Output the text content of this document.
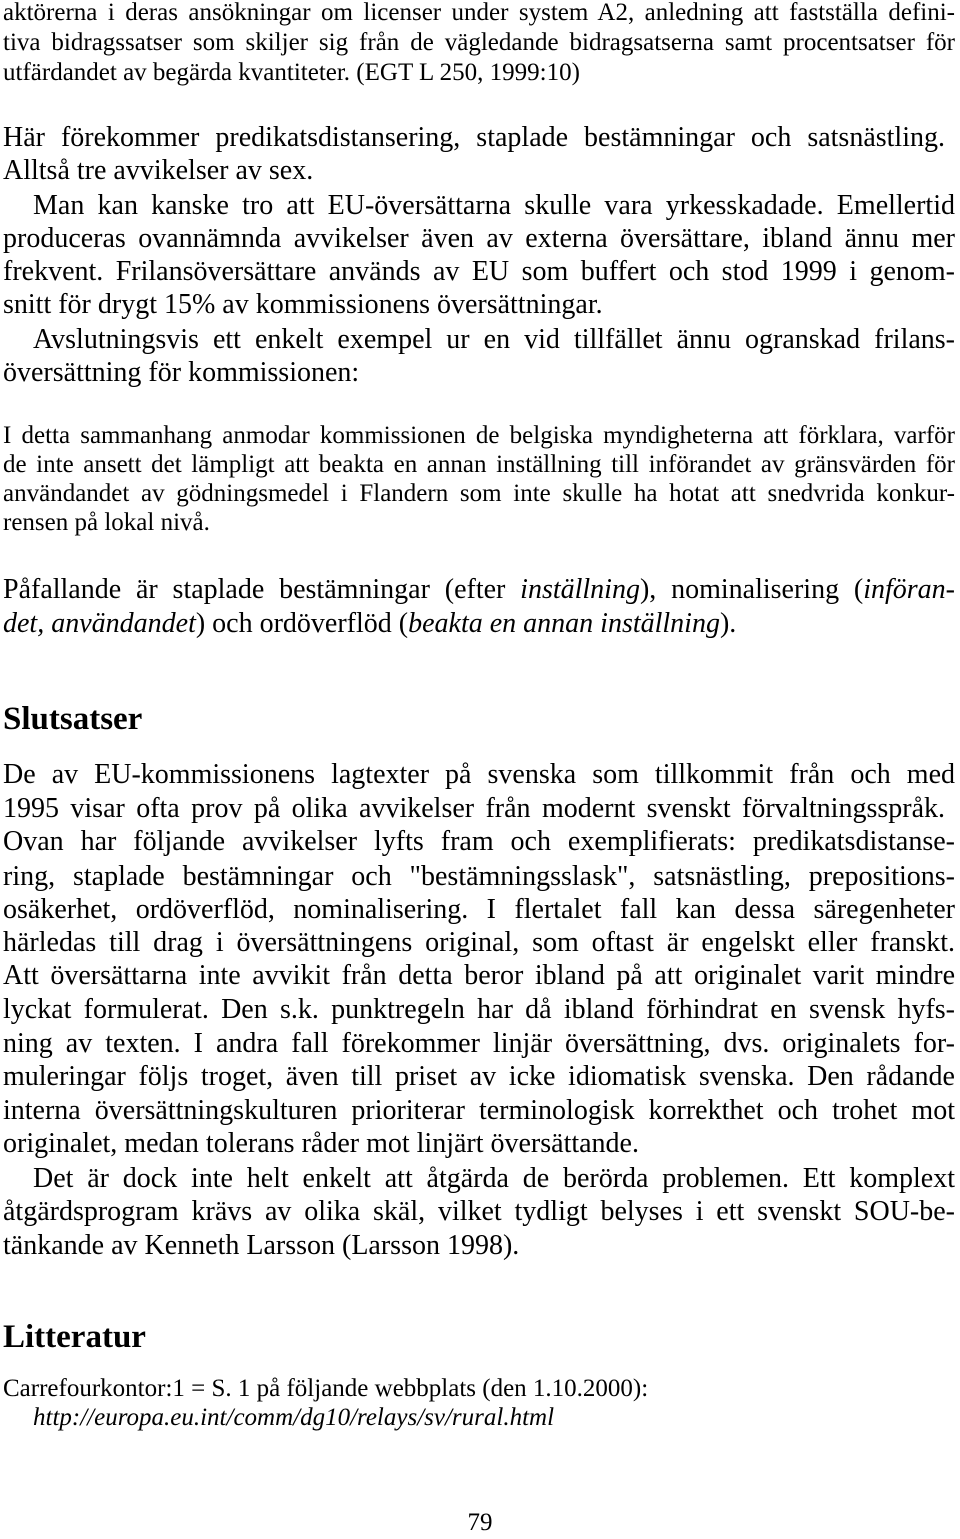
aktörerna i deras ansökningar om licenser under system A2, anledning att fastställa defini-
tiva bidragssatser som skiljer sig från de vägledande bidragsatserna samt procentsatser för
utfärdandet av begärda kvantiteter. (EGT L 250, 1999:10)
Här förekommer predikatsdistansering, staplade bestämningar och satsnästling.
Alltså tre avvikelser av sex.
Man kan kanske tro att EU-översättarna skulle vara yrkesskadade. Emellertid
produceras ovannämnda avvikelser även av externa översättare, ibland ännu mer
frekvent. Frilansöversättare används av EU som buffert och stod 1999 i genom-
snitt för drygt 15% av kommissionens översättningar.
Avslutningsvis ett enkelt exempel ur en vid tillfället ännu ogranskad frilans-
översättning för kommissionen:
I detta sammanhang anmodar kommissionen de belgiska myndigheterna att förklara, varför
de inte ansett det lämpligt att beakta en annan inställning till införandet av gränsvärden för
användandet av gödningsmedel i Flandern som inte skulle ha hotat att snedvrida konkur-
rensen på lokal nivå.
Påfallande är staplade bestämningar (efter inställning), nominalisering (införan-
det, användandet) och ordöverflöd (beakta en annan inställning).
Slutsatser
De av EU-kommissionens lagtexter på svenska som tillkommit från och med
1995 visar ofta prov på olika avvikelser från modernt svenskt förvaltningsspråk.
Ovan har följande avvikelser lyfts fram och exemplifierats: predikatsdistanse-
ring, staplade bestämningar och "bestämningsslask", satsnästling, prepositions-
osäkerhet, ordöverflöd, nominalisering. I flertalet fall kan dessa säregenheter
härledas till drag i översättningens original, som oftast är engelskt eller franskt.
Att översättarna inte avvikit från detta beror ibland på att originalet varit mindre
lyckat formulerat. Den s.k. punktregeln har då ibland förhindrat en svensk hyfs-
ning av texten. I andra fall förekommer linjär översättning, dvs. originalets for-
muleringar följs troget, även till priset av icke idiomatisk svenska. Den rådande
interna översättningskulturen prioriterar terminologisk korrekthet och trohet mot
originalet, medan tolerans råder mot linjärt översättande.
Det är dock inte helt enkelt att åtgärda de berörda problemen. Ett komplext
åtgärdsprogram krävs av olika skäl, vilket tydligt belyses i ett svenskt SOU-be-
tänkande av Kenneth Larsson (Larsson 1998).
Litteratur
Carrefourkontor:1 = S. 1 på följande webbplats (den 1.10.2000):
http://europa.eu.int/comm/dg10/relays/sv/rural.html
79
